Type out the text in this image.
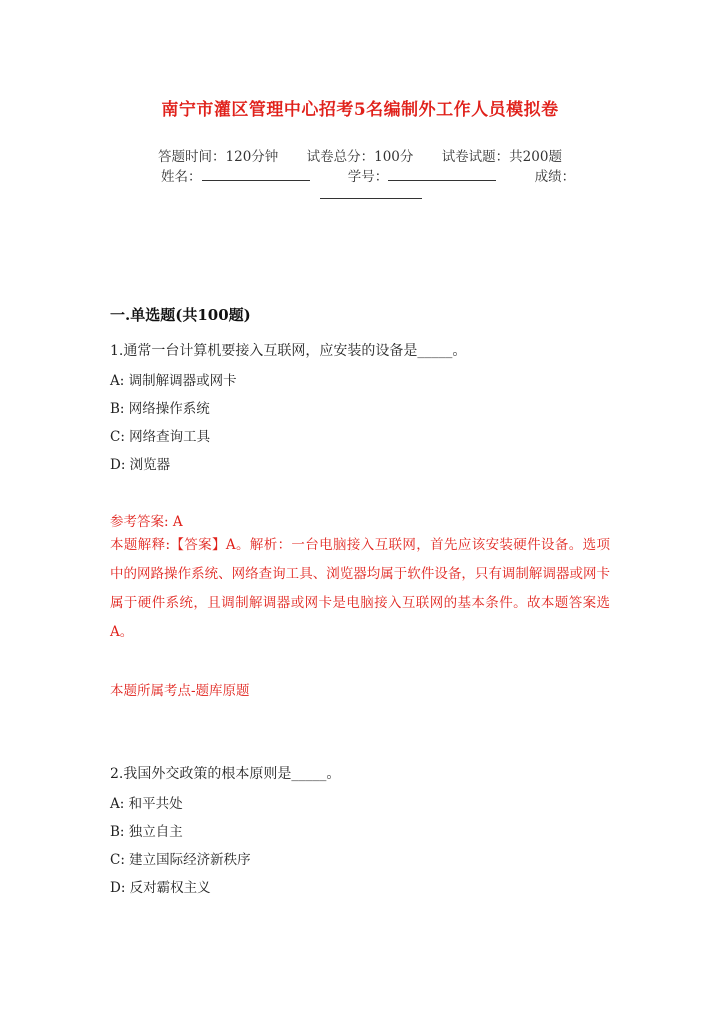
南宁市灌区管理中心招考5名编制外工作人员模拟卷
答题时间：120分钟 试卷总分：100分 试卷试题：共200题
姓名：	学号：	成绩：
一.单选题(共100题)
1.通常一台计算机要接入互联网，应安装的设备是_____。
A: 调制解调器或网卡
B: 网络操作系统
C: 网络查询工具
D: 浏览器
参考答案: A
本题解释:【答案】A。解析：一台电脑接入互联网，首先应该安装硬件设备。选项中的网路操作系统、网络查询工具、浏览器均属于软件设备，只有调制解调器或网卡属于硬件系统，且调制解调器或网卡是电脑接入互联网的基本条件。故本题答案选A。
本题所属考点-题库原题
2.我国外交政策的根本原则是_____。
A: 和平共处
B: 独立自主
C: 建立国际经济新秩序
D: 反对霸权主义
